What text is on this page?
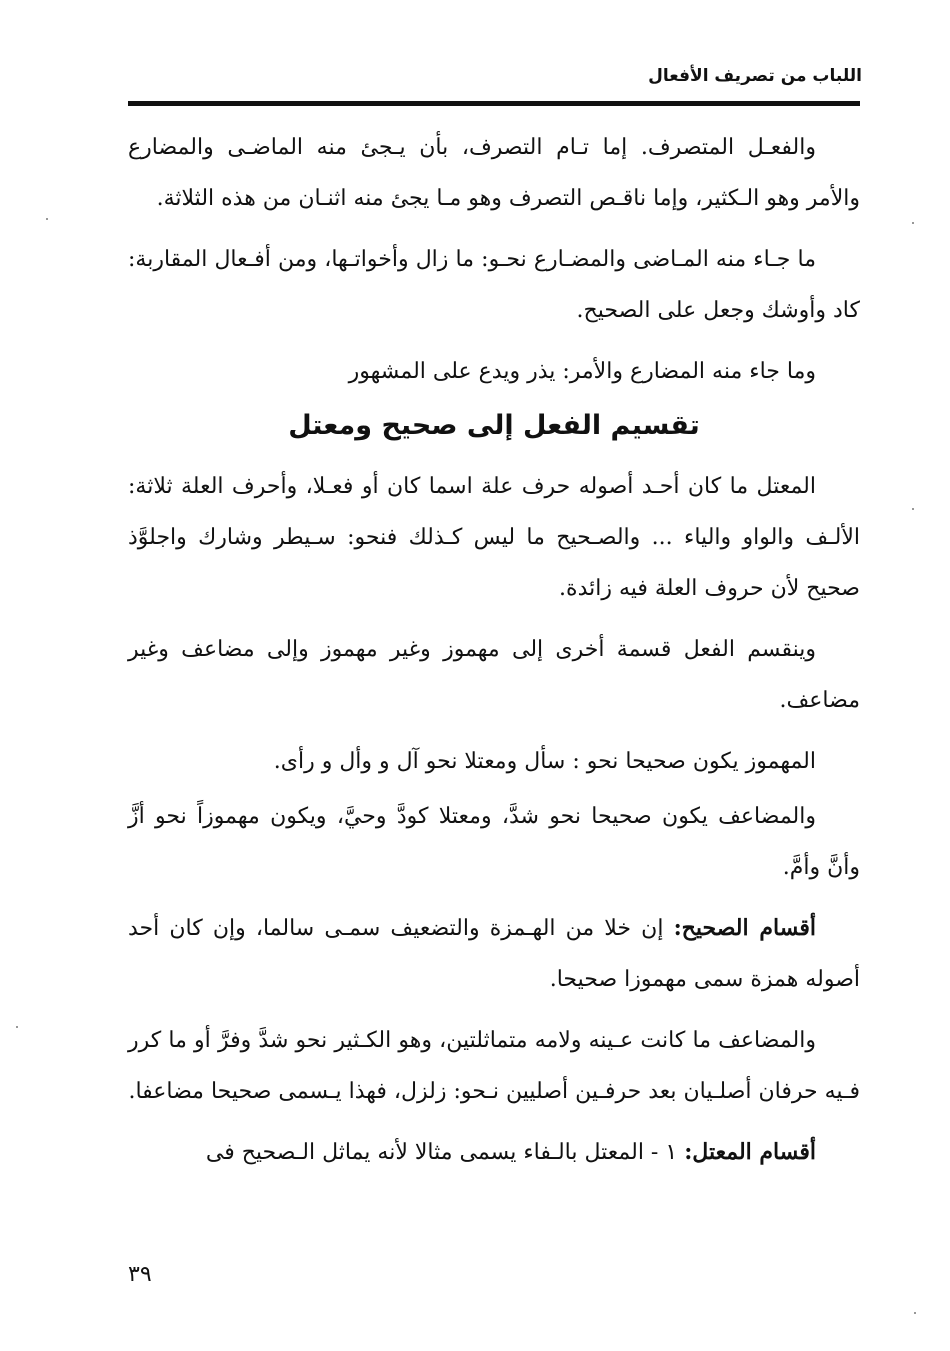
اللباب من تصريف الأفعال

والفعـل المتصرف. إما تـام التصرف، بأن يـجئ منه الماضـى والمضارع والأمر وهو الـكثير، وإما ناقـص التصرف وهو مـا يجئ منه اثنـان من هذه الثلاثة.

ما جـاء منه المـاضى والمضـارع نحـو: ما زال وأخواتـها، ومن أفـعال المقاربة: كاد وأوشك وجعل على الصحيح.

وما جاء منه المضارع والأمر: يذر ويدع على المشهور

تقسيم الفعل إلى صحيح ومعتل

المعتل ما كان أحـد أصوله حرف علة اسما كان أو فعـلا، وأحرف العلة ثلاثة: الألـف والواو والياء ... والصـحيح ما ليس كـذلك فنحو: سـيطر وشارك واجلوَّذ صحيح لأن حروف العلة فيه زائدة.

وينقسم الفعل قسمة أخرى إلى مهموز وغير مهموز وإلى مضاعف وغير مضاعف.

المهموز يكون صحيحا نحو : سأل ومعتلا نحو آل و وأل و رأى.

والمضاعف يكون صحيحا نحو شدَّ، ومعتلا كودَّ وحيَّ، ويكون مهموزاً نحو أزَّ وأنَّ وأمَّ.

أقسام الصحيح: إن خلا من الهـمزة والتضعيف سمـى سالما، وإن كان أحد أصوله همزة سمى مهموزا صحيحا.

والمضاعف ما كانت عـينه ولامه متماثلتين، وهو الكـثير نحو شدَّ وفرَّ أو ما كرر فـيه حرفان أصلـيان بعد حرفـين أصليين نـحو: زلزل، فهذا يـسمى صحيحا مضاعفا.

أقسام المعتل: ١ - المعتل بالـفاء يسمى مثالا لأنه يماثل الـصحيح فى

٣٩
